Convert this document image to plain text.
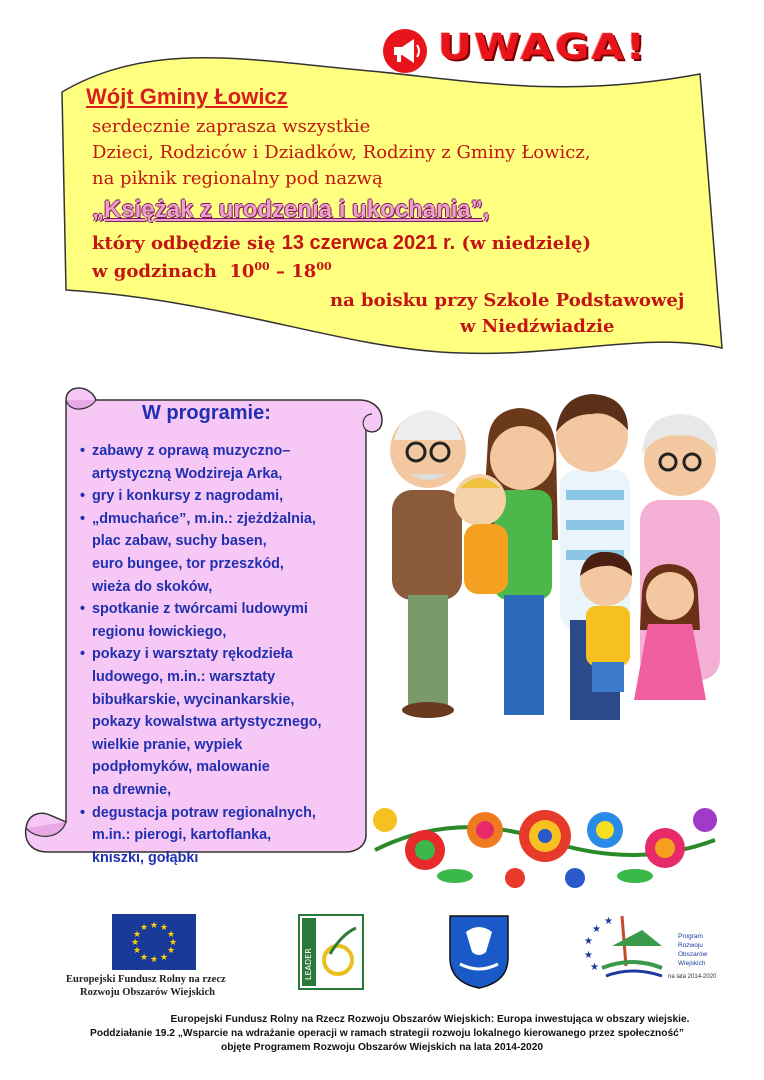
UWAGA!
Wójt Gminy Łowicz
serdecznie zaprasza wszystkie
Dzieci, Rodziców i Dziadków, Rodziny z Gminy Łowicz,
na piknik regionalny pod nazwą
„Księżak z urodzenia i ukochania”,
który odbędzie się 13 czerwca 2021 r. (w niedzielę)
w godzinach $10^{00} - 18^{00}$
na boisku przy Szkole Podstawowej
w Niedźwiadzie
W programie:
• zabawy z oprawą muzyczno–
artystyczną Wodzireja Arka,
• gry i konkursy z nagrodami,
• „dmuchańce”, m.in.: zjeżdżalnia,
plac zabaw, suchy basen,
euro bungee, tor przeszkód,
wieża do skoków,
• spotkanie z twórcami ludowymi
regionu łowickiego,
• pokazy i warsztaty rękodzieła
ludowego, m.in.: warsztaty
bibułkarskie, wycinankarskie,
pokazy kowalstwa artystycznego,
wielkie pranie, wypiek
podpłomyków, malowanie
na drewnie,
• degustacja potraw regionalnych,
m.in.: pierogi, kartoflanka,
kniszki, gołąbki
★ ★
★
★
★
★
★
★
★
★
★
★
Europejski Fundusz Rolny na rzecz
Rozwoju Obszarów Wiejskich
LEADER
★
★
★
★
★
Program
Rozwoju
Obszarów
Wiejskich
na lata 2014-2020
Europejski Fundusz Rolny na Rzecz Rozwoju Obszarów Wiejskich: Europa inwestująca w obszary wiejskie.
Poddziałanie 19.2 „Wsparcie na wdrażanie operacji w ramach strategii rozwoju lokalnego kierowanego przez społeczność”
objęte Programem Rozwoju Obszarów Wiejskich na lata 2014-2020
